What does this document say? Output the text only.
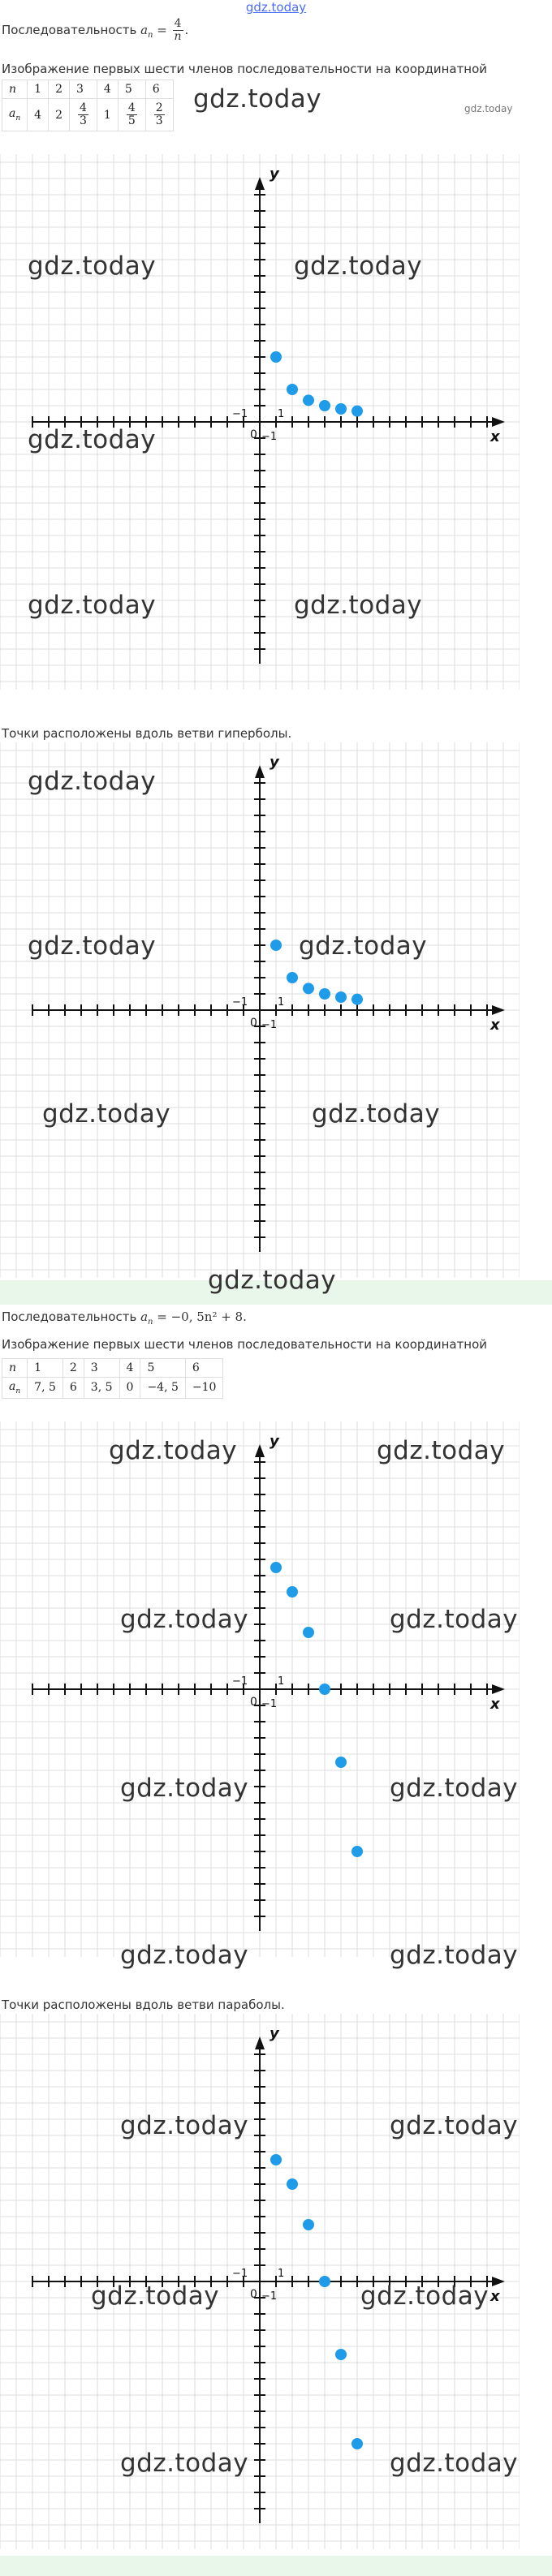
gdz.today
Последовательность $a_n = \frac{4}{n}$ .
Изображение первых шести членов последовательности на координатной
n	1	2	3	4	5	6
$a_n$	4	2	$\frac{4}{3}$	1	$\frac{4}{5}$	$\frac{2}{3}$
gdz.today	gdz.today
x
y
0
1
−1
−1
gdz.today	gdz.today
gdz.today
gdz.today	gdz.today
Точки расположены вдоль ветви гиперболы.
x
y
0
1
−1
−1
gdz.today
gdz.today	gdz.today
gdz.today	gdz.today
gdz.today
Последовательность $a_n = -0$, 5n² + 8.
Изображение первых шести членов последовательности на координатной
n	1	2	3	4	5	6
$a_n$	7, 5	6	3, 5	0	−4, 5	−10
x
y
0
1
−1
−1
gdz.today	gdz.today
gdz.today	gdz.today
gdz.today	gdz.today
gdz.today	gdz.today
Точки расположены вдоль ветви параболы.
x
y
0
1
−1
−1
gdz.today	gdz.today
gdz.today	gdz.today
gdz.today	gdz.today
